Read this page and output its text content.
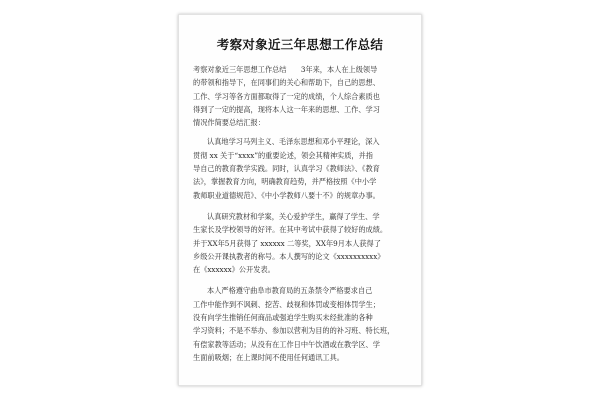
考察对象近三年思想工作总结

考察对象近三年思想工作总结　　3年来，本人在上级领导
的带领和指导下，在同事们的关心和帮助下，自己的思想、
工作、学习等各方面都取得了一定的成绩，个人综合素质也
得到了一定的提高，现将本人这一年来的思想、工作、学习
情况作简要总结汇报：

认真地学习马列主义、毛泽东思想和邓小平理论，深入
贯彻 xx 关于“xxxx”的重要论述，领会其精神实质，并指
导自己的教育教学实践。同时，认真学习《教师法》、《教育
法》，掌握教育方向，明确教育趋势，并严格按照《中小学
教师职业道德规范》、《中小学教师八要十不》的规章办事。

认真研究教材和学案，关心爱护学生，赢得了学生、学
生家长及学校领导的好评。在其中考试中获得了较好的成绩。
并于XX年5月获得了 xxxxxx 二等奖，XX年9月本人获得了
乡级公开课执教者的称号。本人撰写的论文《xxxxxxxxxx》
在《xxxxxx》公开发表。

本人严格遵守曲阜市教育局的五条禁令严格要求自己
工作中能作到不讽刺、挖苦、歧视和体罚或变相体罚学生；
没有向学生推销任何商品或强迫学生购买未经批准的各种
学习资料；不是不举办、参加以营利为目的的补习班、特长班，
有偿家教等活动；从没有在工作日中午饮酒或在教学区、学
生面前吸烟；在上课时间不使用任何通讯工具。
